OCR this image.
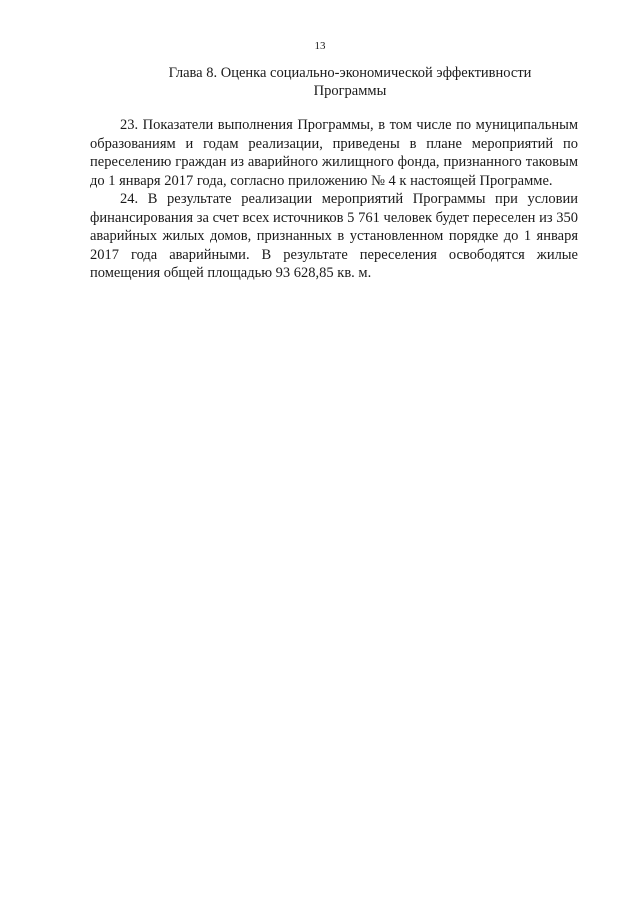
13
Глава 8. Оценка социально-экономической эффективности
Программы

23. Показатели выполнения Программы, в том числе по муниципальным образованиям и годам реализации, приведены в плане мероприятий по переселению граждан из аварийного жилищного фонда, признанного таковым до 1 января 2017 года, согласно приложению № 4 к настоящей Программе.

24. В результате реализации мероприятий Программы при условии финансирования за счет всех источников 5 761 человек будет переселен из 350 аварийных жилых домов, признанных в установленном порядке до 1 января 2017 года аварийными. В результате переселения освободятся жилые помещения общей площадью 93 628,85 кв. м.
